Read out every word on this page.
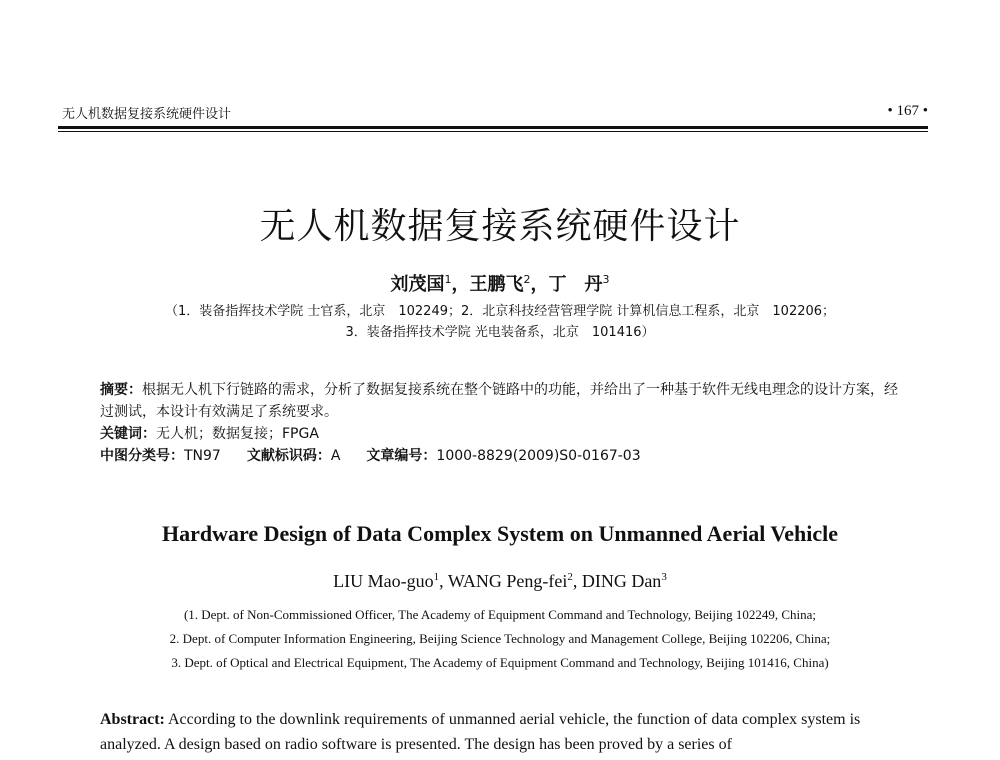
无人机数据复接系统硬件设计	• 167 •
无人机数据复接系统硬件设计
刘茂国$^1$，王鹏飞$^2$，丁　丹$^3$
（1．装备指挥技术学院 士官系，北京　102249；2．北京科技经营管理学院 计算机信息工程系，北京　102206；
3．装备指挥技术学院 光电装备系，北京　101416）
摘要：根据无人机下行链路的需求，分析了数据复接系统在整个链路中的功能，并给出了一种基于软件无线电理念的设计方案，经过测试，本设计有效满足了系统要求。
关键词：无人机；数据复接；FPGA
中图分类号：TN97 文献标识码：A 文章编号：1000-8829(2009)S0-0167-03
Hardware Design of Data Complex System on Unmanned Aerial Vehicle
LIU Mao-guo$^1$, WANG Peng-fei$^2$, DING Dan$^3$
(1. Dept. of Non-Commissioned Officer, The Academy of Equipment Command and Technology, Beijing 102249, China;
2. Dept. of Computer Information Engineering, Beijing Science Technology and Management College, Beijing 102206, China;
3. Dept. of Optical and Electrical Equipment, The Academy of Equipment Command and Technology, Beijing 101416, China)
Abstract: According to the downlink requirements of unmanned aerial vehicle, the function of data complex system is analyzed. A design based on radio software is presented. The design has been proved by a series of
